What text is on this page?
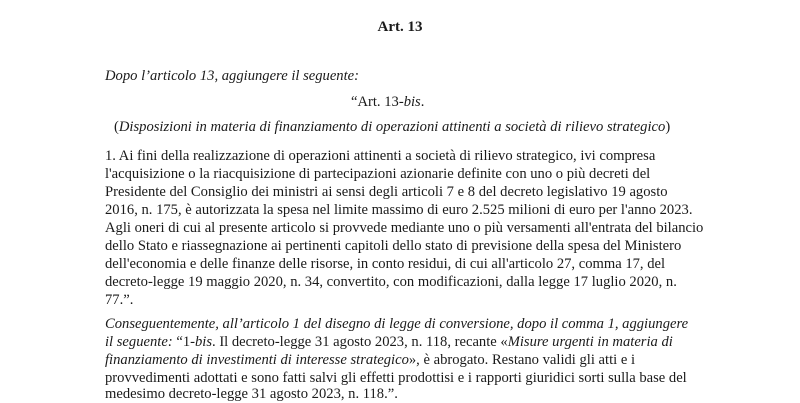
Art. 13
Dopo l’articolo 13, aggiungere il seguente:
“Art. 13-bis.
(Disposizioni in materia di finanziamento di operazioni attinenti a società di rilievo strategico)
1. Ai fini della realizzazione di operazioni attinenti a società di rilievo strategico, ivi compresa
l'acquisizione o la riacquisizione di partecipazioni azionarie definite con uno o più decreti del
Presidente del Consiglio dei ministri ai sensi degli articoli 7 e 8 del decreto legislativo 19 agosto
2016, n. 175, è autorizzata la spesa nel limite massimo di euro 2.525 milioni di euro per l'anno 2023.
Agli oneri di cui al presente articolo si provvede mediante uno o più versamenti all'entrata del bilancio
dello Stato e riassegnazione ai pertinenti capitoli dello stato di previsione della spesa del Ministero
dell'economia e delle finanze delle risorse, in conto residui, di cui all'articolo 27, comma 17, del
decreto-legge 19 maggio 2020, n. 34, convertito, con modificazioni, dalla legge 17 luglio 2020, n.
77.”.
Conseguentemente, all’articolo 1 del disegno di legge di conversione, dopo il comma 1, aggiungere
il seguente: “1-bis. Il decreto-legge 31 agosto 2023, n. 118, recante «Misure urgenti in materia di
finanziamento di investimenti di interesse strategico», è abrogato. Restano validi gli atti e i
provvedimenti adottati e sono fatti salvi gli effetti prodottisi e i rapporti giuridici sorti sulla base del
medesimo decreto-legge 31 agosto 2023, n. 118.”.
